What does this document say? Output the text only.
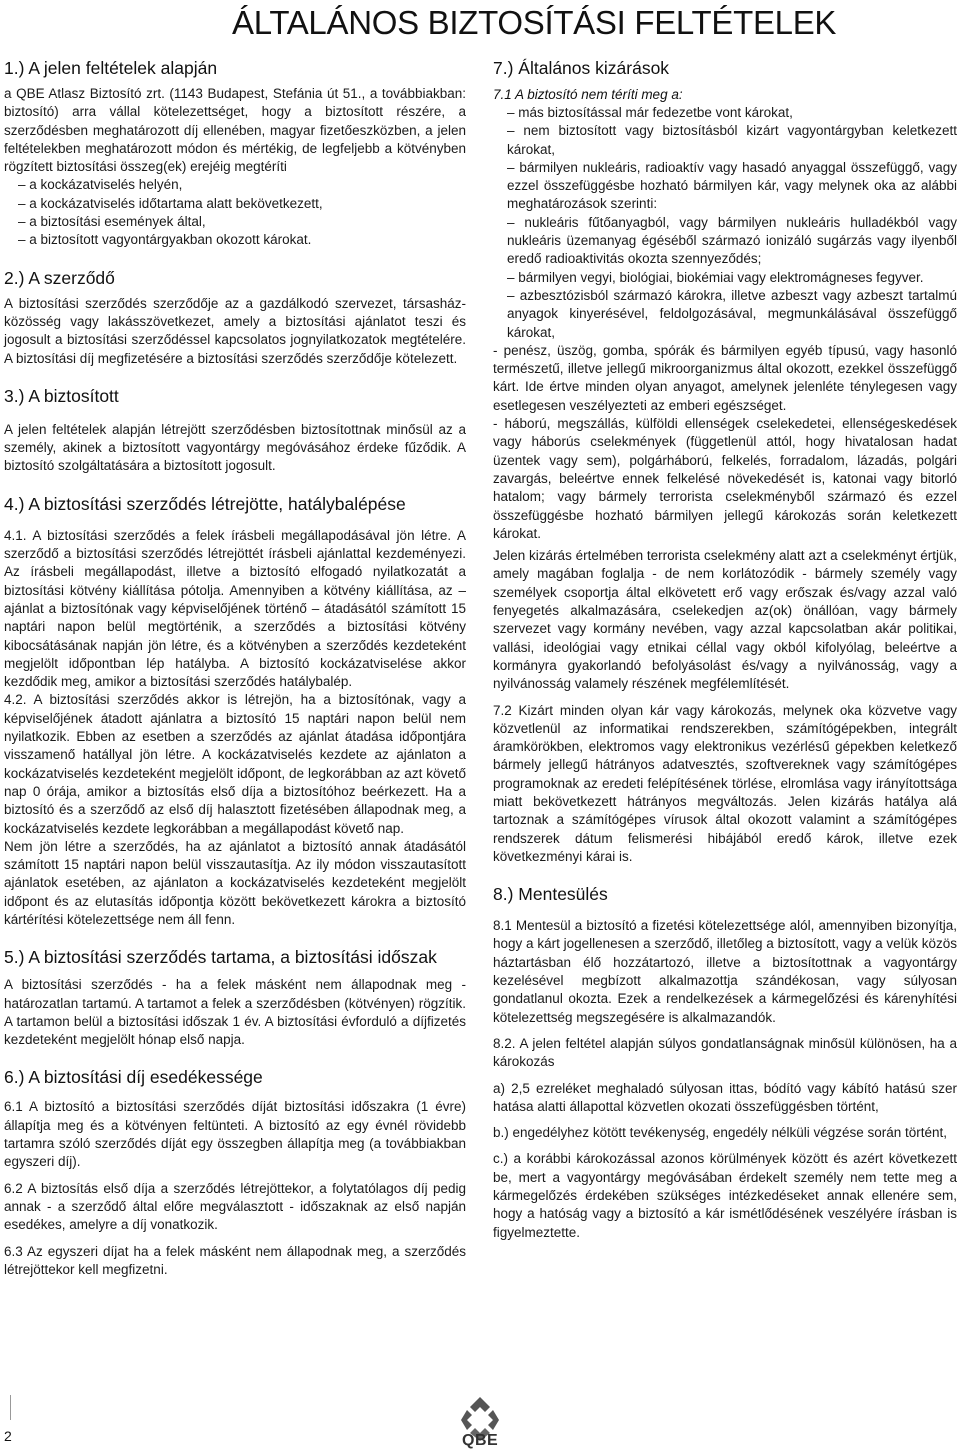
ÁLTALÁNOS BIZTOSÍTÁSI FELTÉTELEK
1.) A jelen feltételek alapján

a QBE Atlasz Biztosító zrt. (1143 Budapest, Stefánia út 51., a továbbiakban: biztosító) arra vállal kötelezettséget, hogy a biztosított részére, a szerződésben meghatározott díj ellenében, magyar fizetőeszközben, a jelen feltételekben meghatározott módon és mértékig, de legfeljebb a kötvényben rögzített biztosítási összeg(ek) erejéig megtéríti

– a kockázatviselés helyén,
– a kockázatviselés időtartama alatt bekövetkezett,
– a biztosítási események által,
– a biztosított vagyontárgyakban okozott károkat.

2.) A szerződő

A biztosítási szerződés szerződője az a gazdálkodó szervezet, társasház-közösség vagy lakásszövetkezet, amely a biztosítási ajánlatot teszi és jogosult a biztosítási szerződéssel kapcsolatos jognyilatkozatok megtételére. A biztosítási díj megfizetésére a biztosítási szerződés szerződője kötelezett.

3.) A biztosított

A jelen feltételek alapján létrejött szerződésben biztosítottnak minősül az a személy, akinek a biztosított vagyontárgy megóvásához érdeke fűződik. A biztosító szolgáltatására a biztosított jogosult.

4.) A biztosítási szerződés létrejötte, hatálybalépése

4.1. A biztosítási szerződés a felek írásbeli megállapodásával jön létre. A szerződő a biztosítási szerződés létrejöttét írásbeli ajánlattal kezdeményezi. Az írásbeli megállapodást, illetve a biztosító elfogadó nyilatkozatát a biztosítási kötvény kiállítása pótolja. Amennyiben a kötvény kiállítása, az – ajánlat a biztosítónak vagy képviselőjének történő – átadásától számított 15 naptári napon belül megtörténik, a szerződés a biztosítási kötvény kibocsátásának napján jön létre, és a kötvényben a szerződés kezdeteként megjelölt időpontban lép hatályba. A biztosító kockázatviselése akkor kezdődik meg, amikor a biztosítási szerződés hatálybalép.

4.2. A biztosítási szerződés akkor is létrejön, ha a biztosítónak, vagy a képviselőjének átadott ajánlatra a biztosító 15 naptári napon belül nem nyilatkozik. Ebben az esetben a szerződés az ajánlat átadása időpontjára visszamenő hatállyal jön létre. A kockázatviselés kezdete az ajánlaton a kockázatviselés kezdeteként megjelölt időpont, de legkorábban az azt követő nap 0 órája, amikor a biztosítás első díja a biztosítóhoz beérkezett. Ha a biztosító és a szerződő az első díj halasztott fizetésében állapodnak meg, a kockázatviselés kezdete legkorábban a megállapodást követő nap.

Nem jön létre a szerződés, ha az ajánlatot a biztosító annak átadásától számított 15 naptári napon belül visszautasítja. Az ily módon visszautasított ajánlatok esetében, az ajánlaton a kockázatviselés kezdeteként megjelölt időpont és az elutasítás időpontja között bekövetkezett károkra a biztosító kártérítési kötelezettsége nem áll fenn.

5.) A biztosítási szerződés tartama, a biztosítási időszak

A biztosítási szerződés - ha a felek másként nem állapodnak meg - határozatlan tartamú. A tartamot a felek a szerződésben (kötvényen) rögzítik. A tartamon belül a biztosítási időszak 1 év. A biztosítási évforduló a díjfizetés kezdeteként megjelölt hónap első napja.

6.) A biztosítási díj esedékessége

6.1 A biztosító a biztosítási szerződés díját biztosítási időszakra (1 évre) állapítja meg és a kötvényen feltünteti. A biztosító az egy évnél rövidebb tartamra szóló szerződés díját egy összegben állapítja meg (a továbbiakban egyszeri díj).

6.2 A biztosítás első díja a szerződés létrejöttekor, a folytatólagos díj pedig annak - a szerződő által előre megválasztott - időszaknak az első napján esedékes, amelyre a díj vonatkozik.

6.3 Az egyszeri díjat ha a felek másként nem állapodnak meg, a szerződés létrejöttekor kell megfizetni.

7.) Általános kizárások
7.1 A biztosító nem téríti meg a:

– más biztosítással már fedezetbe vont károkat,
– nem biztosított vagy biztosításból kizárt vagyontárgyban keletkezett károkat,
– bármilyen nukleáris, radioaktív vagy hasadó anyaggal összefüggő, vagy ezzel összefüggésbe hozható bármilyen kár, vagy melynek oka az alábbi meghatározások szerinti:
– nukleáris fűtőanyagból, vagy bármilyen nukleáris hulladékból vagy nukleáris üzemanyag égéséből származó ionizáló sugárzás vagy ilyenből eredő radioaktivitás okozta szennyeződés;
– bármilyen vegyi, biológiai, biokémiai vagy elektromágneses fegyver.
– azbesztózisból származó károkra, illetve azbeszt vagy azbeszt tartalmú anyagok kinyerésével, feldolgozásával, megmunkálásával összefüggő károkat,
- penész, üszög, gomba, spórák és bármilyen egyéb típusú, vagy hasonló természetű, illetve jellegű mikroorganizmus által okozott, ezekkel összefüggő kárt. Ide értve minden olyan anyagot, amelynek jelenléte ténylegesen vagy esetlegesen veszélyezteti az emberi egészséget.
- háború, megszállás, külföldi ellenségek cselekedetei, ellenségeskedések vagy háborús cselekmények (függetlenül attól, hogy hivatalosan hadat üzentek vagy sem), polgárháború, felkelés, forradalom, lázadás, polgári zavargás, beleértve ennek felkelésé növekedését is, katonai vagy bitorló hatalom; vagy bármely terrorista cselekményből származó és ezzel összefüggésbe hozható bármilyen jellegű károkozás során keletkezett károkat.

Jelen kizárás értelmében terrorista cselekmény alatt azt a cselekményt értjük, amely magában foglalja - de nem korlátozódik - bármely személy vagy személyek csoportja által elkövetett erő vagy erőszak és/vagy azzal való fenyegetés alkalmazására, cselekedjen az(ok) önállóan, vagy bármely szervezet vagy kormány nevében, vagy azzal kapcsolatban akár politikai, vallási, ideológiai vagy etnikai céllal vagy okból kifolyólag, beleértve a kormányra gyakorlandó befolyásolást és/vagy a nyilvánosság, vagy a nyilvánosság valamely részének megfélemlítését.

7.2 Kizárt minden olyan kár vagy károkozás, melynek oka közvetve vagy közvetlenül az informatikai rendszerekben, számítógépekben, integrált áramkörökben, elektromos vagy elektronikus vezérlésű gépekben keletkező bármely jellegű hátrányos adatvesztés, szoftvereknek vagy számítógépes programoknak az eredeti felépítésének törlése, elromlása vagy irányítottsága miatt bekövetkezett hátrányos megváltozás. Jelen kizárás hatálya alá tartoznak a számítógépes vírusok által okozott valamint a számítógépes rendszerek dátum felismerési hibájából eredő károk, illetve ezek következményi kárai is.

8.) Mentesülés

8.1 Mentesül a biztosító a fizetési kötelezettsége alól, amennyiben bizonyítja, hogy a kárt jogellenesen a szerződő, illetőleg a biztosított, vagy a velük közös háztartásban élő hozzátartozó, illetve a biztosítottnak a vagyontárgy kezelésével megbízott alkalmazottja szándékosan, vagy súlyosan gondatlanul okozta. Ezek a rendelkezések a kármegelőzési és kárenyhítési kötelezettség megszegésére is alkalmazandók.

8.2. A jelen feltétel alapján súlyos gondatlanságnak minősül különösen, ha a károkozás

a) 2,5 ezreléket meghaladó súlyosan ittas, bódító vagy kábító hatású szer hatása alatti állapottal közvetlen okozati összefüggésben történt,

b.) engedélyhez kötött tevékenység, engedély nélküli végzése során történt,

c.) a korábbi károkozással azonos körülmények között és azért következett be, mert a vagyontárgy megóvásában érdekelt személy nem tette meg a kármegelőzés érdekében szükséges intézkedéseket annak ellenére sem, hogy a hatóság vagy a biztosító a kár ismétlődésének veszélyére írásban is figyelmeztette.

2	QBE
